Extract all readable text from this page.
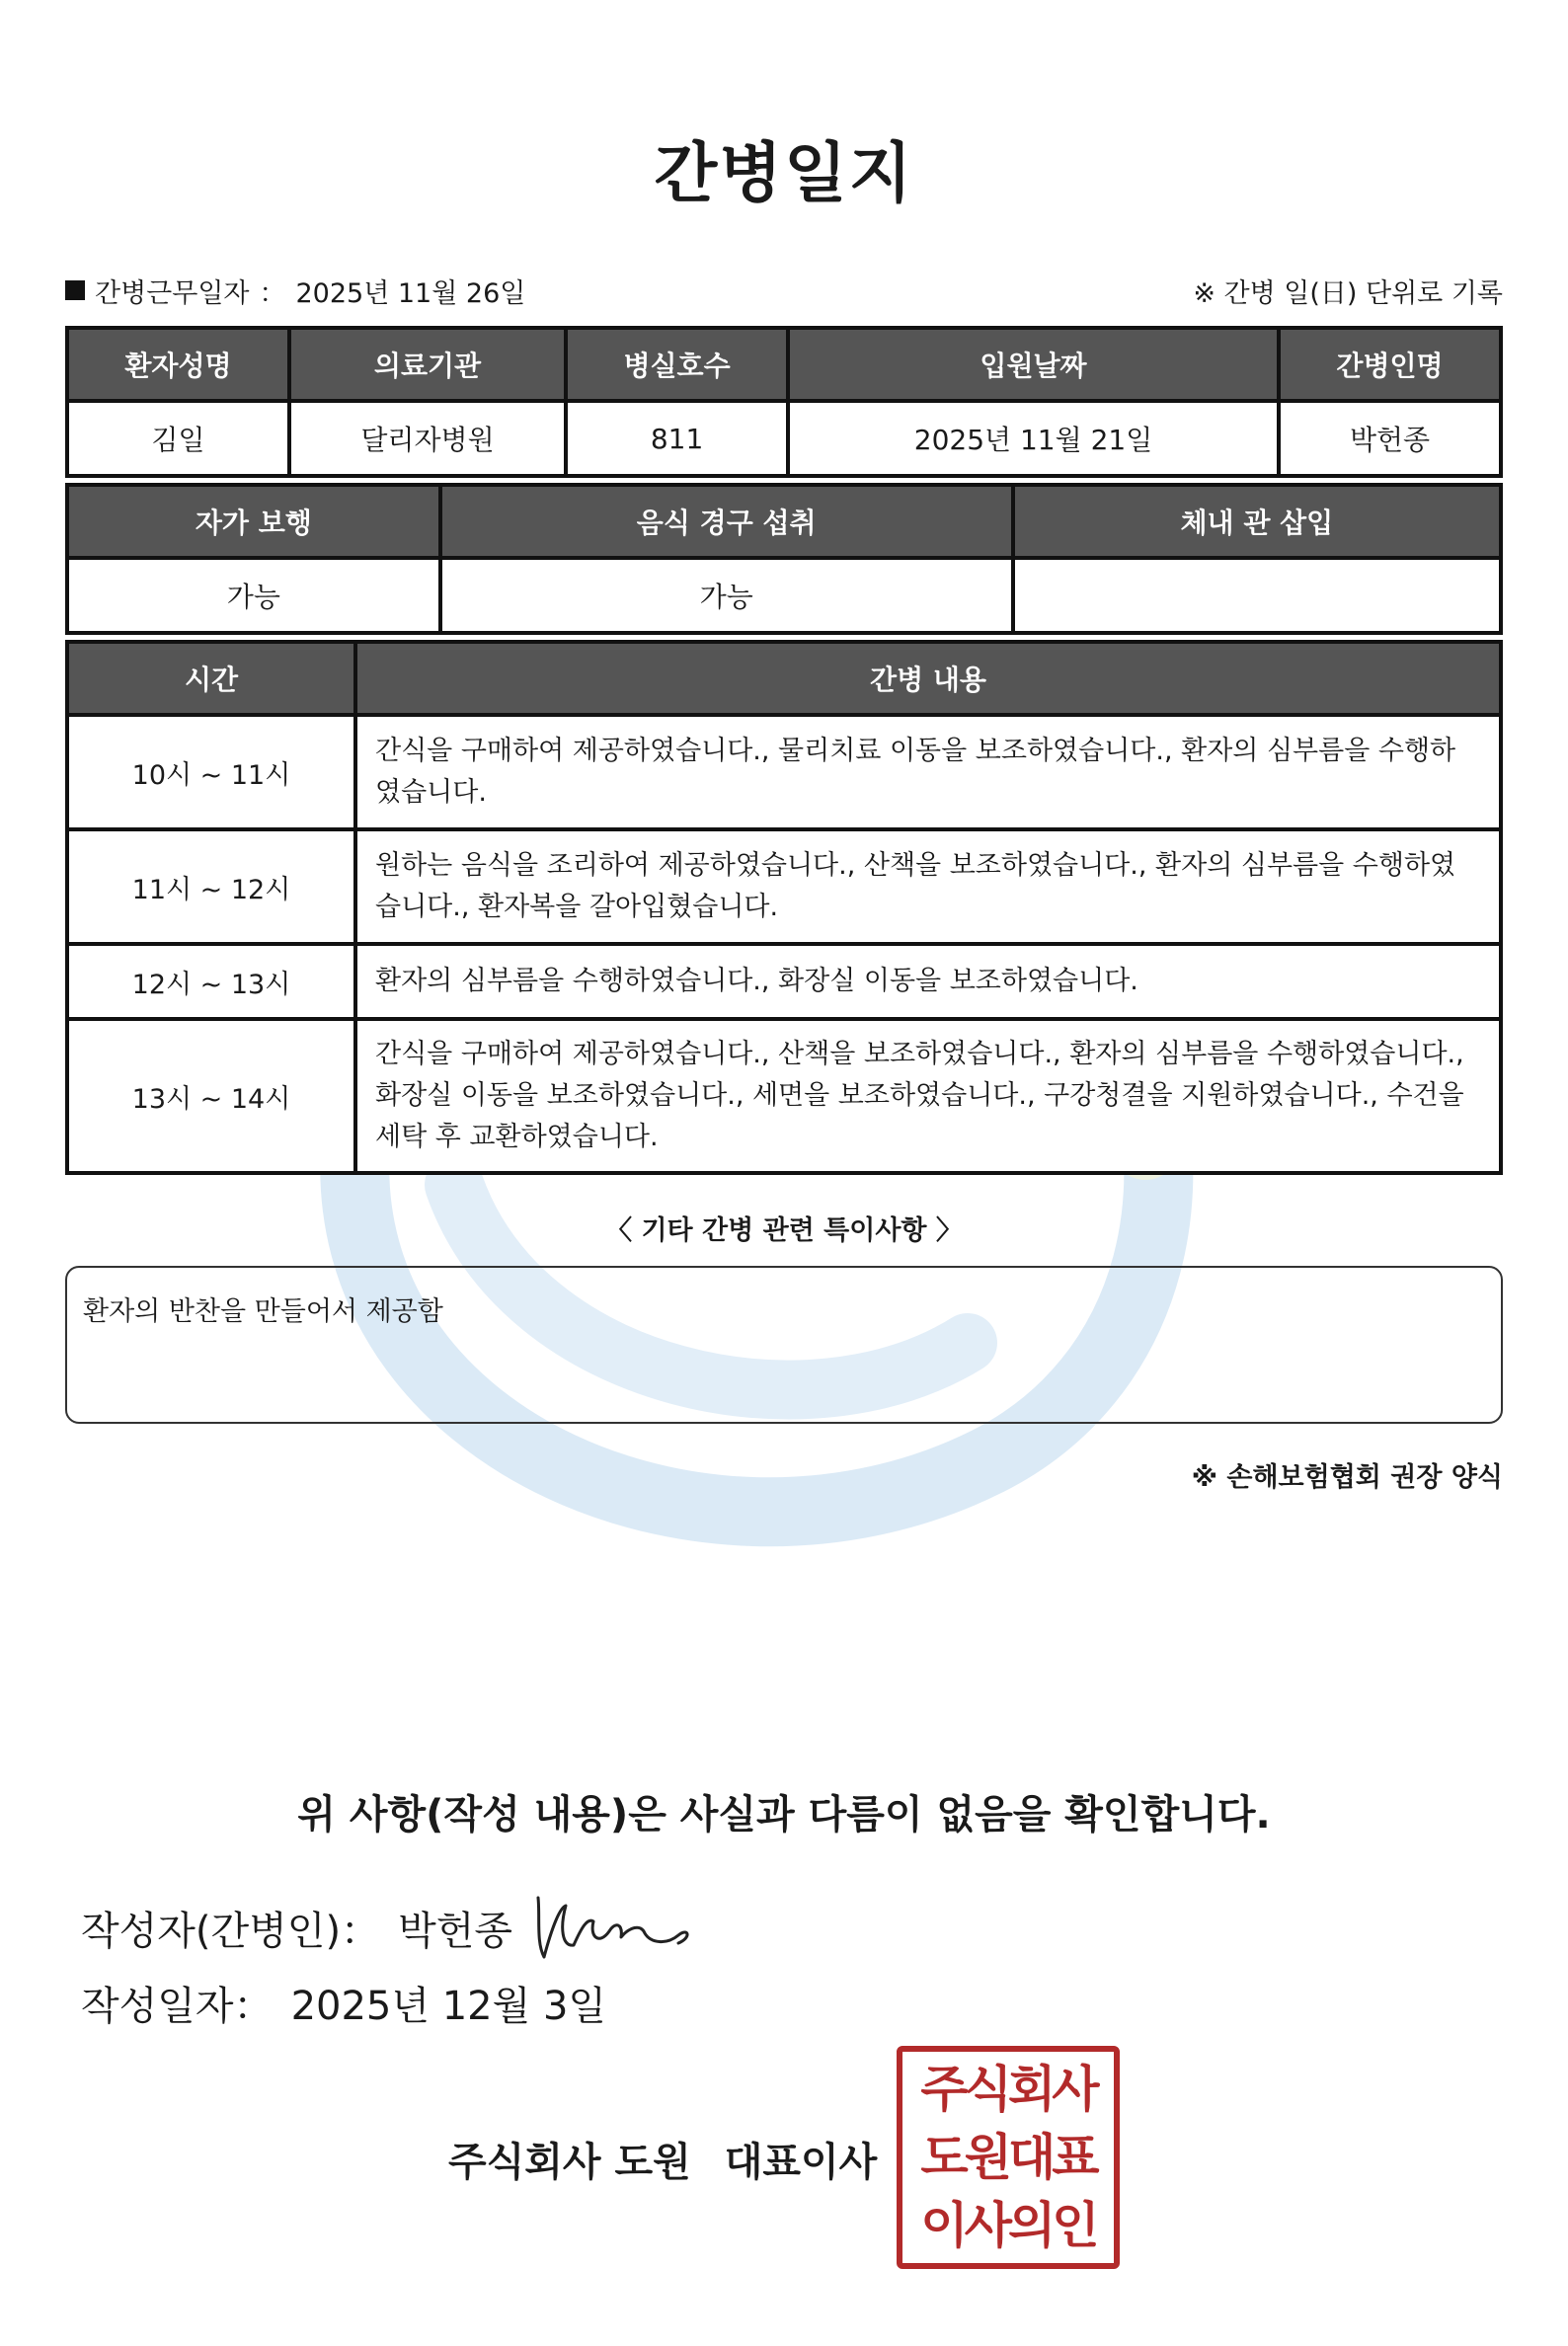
간병일지
간병근무일자 ： 2025년 11월 26일	※ 간병 일(日) 단위로 기록
환자성명	의료기관	병실호수	입원날짜	간병인명
김일	달리자병원	811	2025년 11월 21일	박헌종
자가 보행	음식 경구 섭취	체내 관 삽입
가능	가능	
시간	간병 내용
10시 ~ 11시	간식을 구매하여 제공하였습니다., 물리치료 이동을 보조하였습니다., 환자의 심부름을 수행하였습니다.
11시 ~ 12시	원하는 음식을 조리하여 제공하였습니다., 산책을 보조하였습니다., 환자의 심부름을 수행하였습니다., 환자복을 갈아입혔습니다.
12시 ~ 13시	환자의 심부름을 수행하였습니다., 화장실 이동을 보조하였습니다.
13시 ~ 14시	간식을 구매하여 제공하였습니다., 산책을 보조하였습니다., 환자의 심부름을 수행하였습니다., 화장실 이동을 보조하였습니다., 세면을 보조하였습니다., 구강청결을 지원하였습니다., 수건을 세탁 후 교환하였습니다.
〈 기타 간병 관련 특이사항 〉
환자의 반찬을 만들어서 제공함
※ 손해보험협회 권장 양식
위 사항(작성 내용)은 사실과 다름이 없음을 확인합니다.
작성자(간병인)： 박헌종
작성일자： 2025년 12월 3일
주식회사 도원 대표이사
주식회사
도원대표
이사의인
